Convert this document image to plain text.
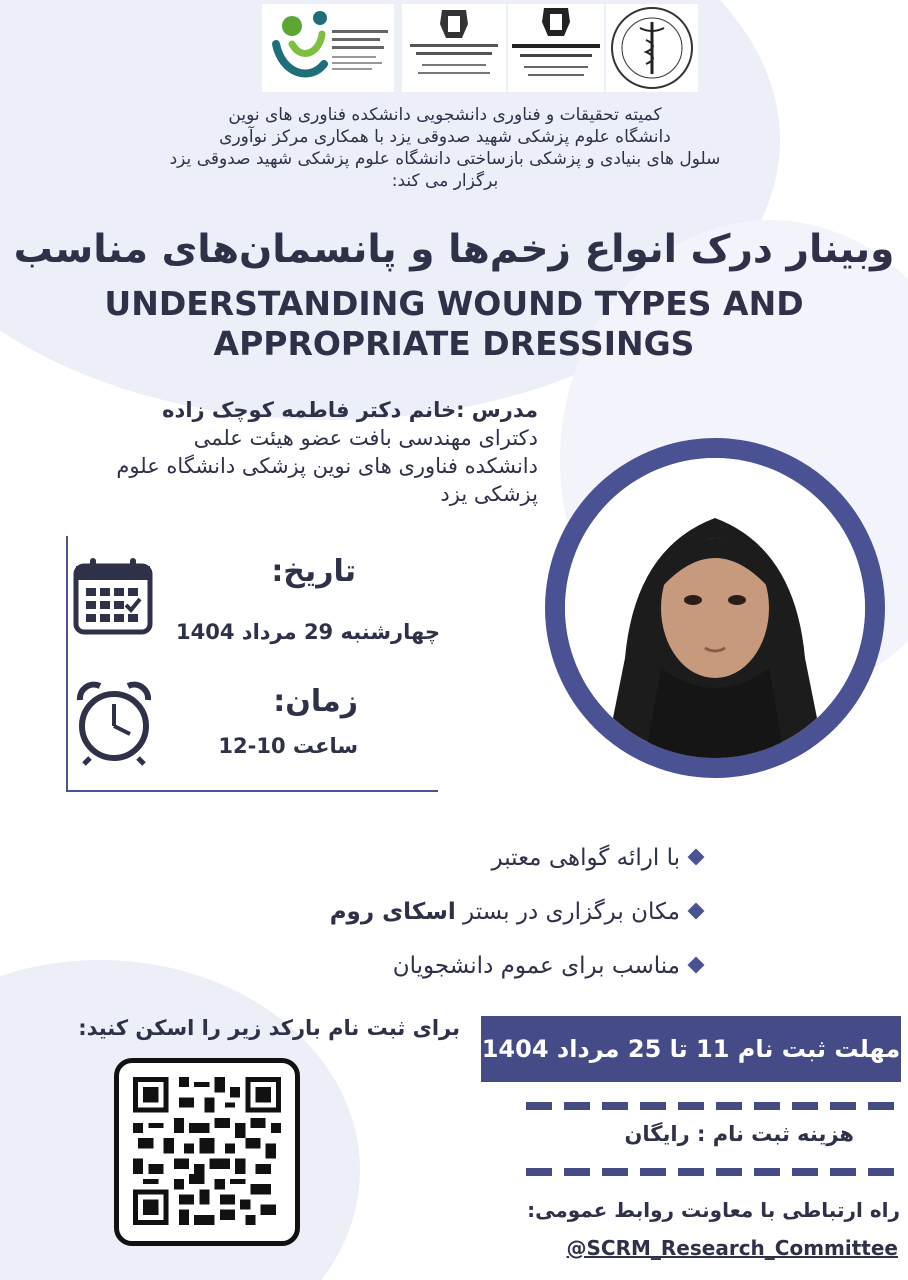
کمیته تحقیقات و فناوری دانشجویی دانشکده فناوری های نوین
دانشگاه علوم پزشکی شهید صدوقی یزد با همکاری مرکز نوآوری
سلول های بنیادی و پزشکی بازساختی دانشگاه علوم پزشکی شهید صدوقی یزد
برگزار می کند:
وبینار درک انواع زخم‌ها و پانسمان‌های مناسب
UNDERSTANDING WOUND TYPES AND
APPROPRIATE DRESSINGS
مدرس :خانم دکتر فاطمه کوچک زاده
دکترای مهندسی بافت عضو هیئت علمی
دانشکده فناوری های نوین پزشکی دانشگاه علوم
پزشکی یزد
تاریخ:
چهارشنبه 29 مرداد 1404
زمان:
ساعت 10-12
با ارائه گواهی معتبر
مکان برگزاری در بستر اسکای روم
مناسب برای عموم دانشجویان
برای ثبت نام بارکد زیر را اسکن کنید:
مهلت ثبت نام 11 تا 25 مرداد 1404
هزینه ثبت نام : رایگان
راه ارتباطی با معاونت روابط عمومی:
@SCRM_Research_Committee
